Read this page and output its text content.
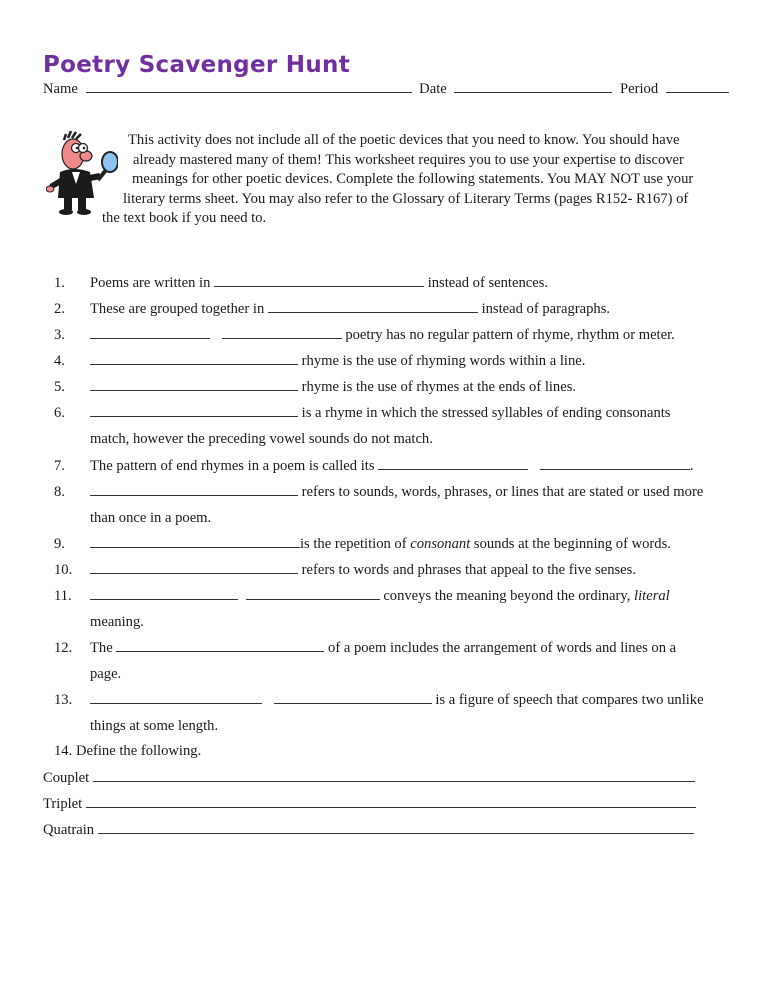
Poetry Scavenger Hunt
Name	Date	Period
This activity does not include all of the poetic devices that you need to know. You should have
already mastered many of them! This worksheet requires you to use your expertise to discover
meanings for other poetic devices. Complete the following statements. You MAY NOT use your
literary terms sheet. You may also refer to the Glossary of Literary Terms (pages R152- R167) of
the text book if you need to.
1. Poems are written in	instead of sentences.
2. These are grouped together in	instead of paragraphs.
3.	poetry has no regular pattern of rhyme, rhythm or meter.
4.	rhyme is the use of rhyming words within a line.
5.	rhyme is the use of rhymes at the ends of lines.
6.	is a rhyme in which the stressed syllables of ending consonants
match, however the preceding vowel sounds do not match.
7. The pattern of end rhymes in a poem is called its	.
8.	refers to sounds, words, phrases, or lines that are stated or used more
than once in a poem.
9.	is the repetition of consonant sounds at the beginning of words.
10.	refers to words and phrases that appeal to the five senses.
11.	conveys the meaning beyond the ordinary, literal
meaning.
12. The	of a poem includes the arrangement of words and lines on a
page.
13.	is a figure of speech that compares two unlike
things at some length.
14. Define the following.
Couplet
Triplet
Quatrain
